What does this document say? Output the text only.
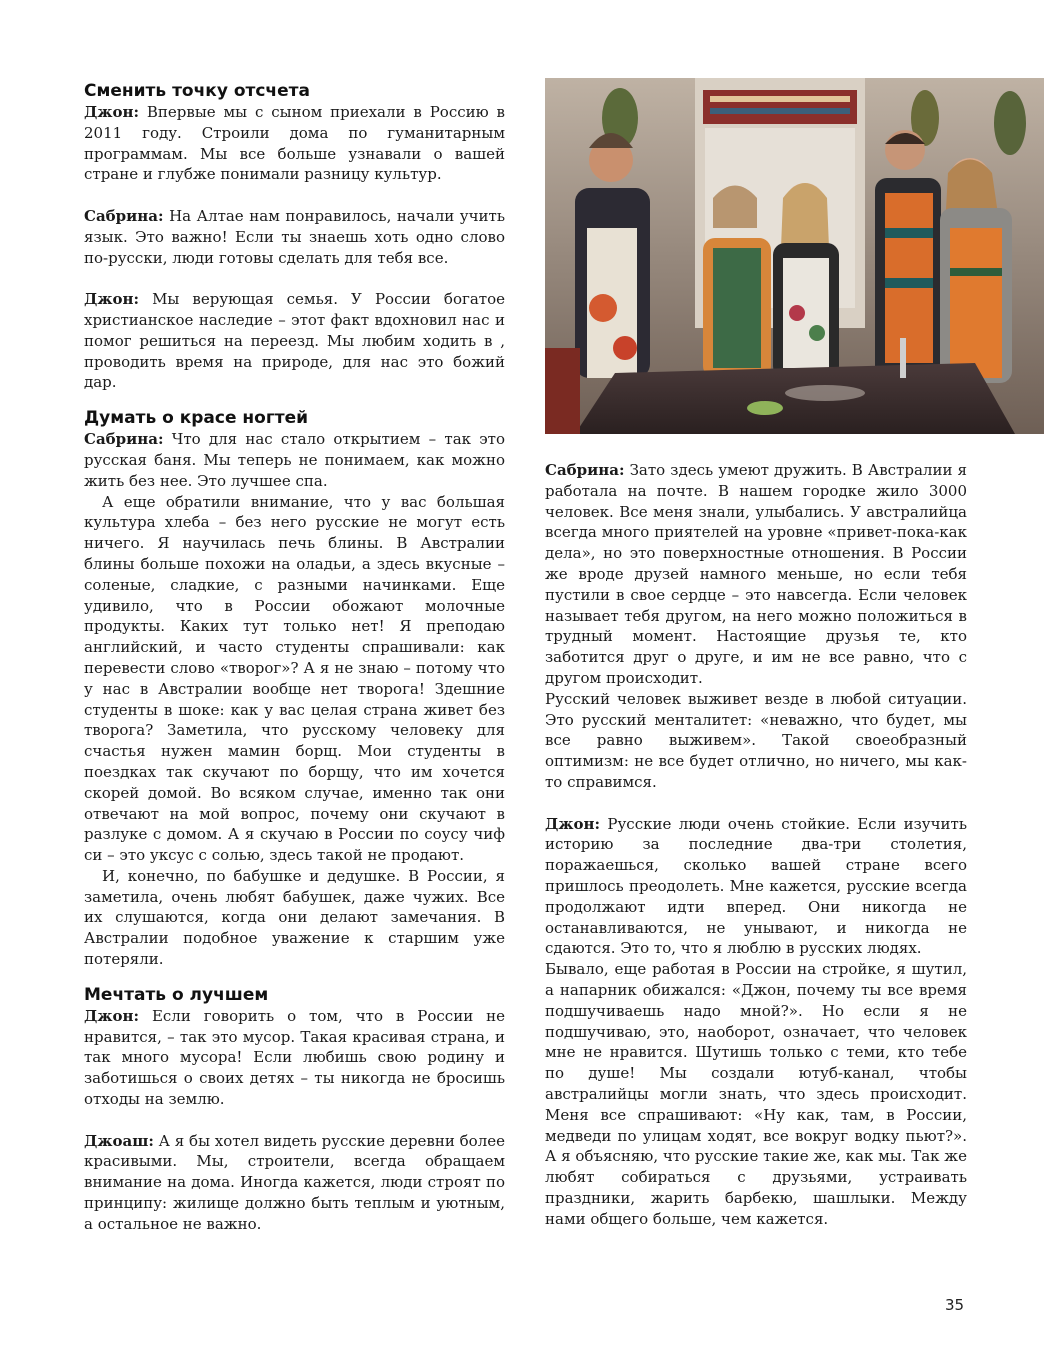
Сменить точку отсчета

Джон: Впервые мы с сыном приехали в Россию в 2011 году. Строили дома по гуманитарным программам. Мы все больше узнавали о вашей стране и глубже понимали разницу культур.

Сабрина: На Алтае нам понравилось, начали учить язык. Это важно! Если ты знаешь хоть одно слово по-русски, люди готовы сделать для тебя все.

Джон: Мы верующая семья. У России богатое христианское наследие – этот факт вдохновил нас и помог решиться на переезд. Мы любим ходить в , проводить время на природе, для нас это божий дар.

Думать о красе ногтей

Сабрина: Что для нас стало открытием – так это русская баня. Мы теперь не понимаем, как можно жить без нее. Это лучшее спа.

А еще обратили внимание, что у вас большая культура хлеба – без него русские не могут есть ничего. Я научилась печь блины. В Австралии блины больше похожи на оладьи, а здесь вкусные – соленые, сладкие, с разными начинками. Еще удивило, что в России обожают молочные продукты. Каких тут только нет! Я преподаю английский, и часто студенты спрашивали: как перевести слово «творог»? А я не знаю – потому что у нас в Австралии вообще нет творога! Здешние студенты в шоке: как у вас целая страна живет без творога? Заметила, что русскому человеку для счастья нужен мамин борщ. Мои студенты в поездках так скучают по борщу, что им хочется скорей домой. Во всяком случае, именно так они отвечают на мой вопрос, почему они скучают в разлуке с домом. А я скучаю в России по соусу чиф си – это уксус с солью, здесь такой не продают.

И, конечно, по бабушке и дедушке. В России, я заметила, очень любят бабушек, даже чужих. Все их слушаются, когда они делают замечания. В Австралии подобное уважение к старшим уже потеряли.

Мечтать о лучшем

Джон: Если говорить о том, что в России не нравится, – так это мусор. Такая красивая страна, и так много мусора! Если любишь свою родину и заботишься о своих детях – ты никогда не бросишь отходы на землю.

Джоаш: А я бы хотел видеть русские деревни более красивыми. Мы, строители, всегда обращаем внимание на дома. Иногда кажется, люди строят по принципу: жилище должно быть теплым и уютным, а остальное не важно.

Сабрина: Зато здесь умеют дружить. В Австралии я работала на почте. В нашем городке жило 3000 человек. Все меня знали, улыбались. У австралийца всегда много приятелей на уровне «привет-пока-как дела», но это поверхностные отношения. В России же вроде друзей намного меньше, но если тебя пустили в свое сердце – это навсегда. Если человек называет тебя другом, на него можно положиться в трудный момент. Настоящие друзья те, кто заботится друг о друге, и им не все равно, что с другом происходит.

Русский человек выживет везде в любой ситуации. Это русский менталитет: «неважно, что будет, мы все равно выживем». Такой своеобразный оптимизм: не все будет отлично, но ничего, мы как-то справимся.

Джон: Русские люди очень стойкие. Если изучить историю за последние два-три столетия, поражаешься, сколько вашей стране всего пришлось преодолеть. Мне кажется, русские всегда продолжают идти вперед. Они никогда не останавливаются, не унывают, и никогда не сдаются. Это то, что я люблю в русских людях.

Бывало, еще работая в России на стройке, я шутил, а напарник обижался: «Джон, почему ты все время подшучиваешь надо мной?». Но если я не подшучиваю, это, наоборот, означает, что человек мне не нравится. Шутишь только с теми, кто тебе по душе! Мы создали ютуб-канал, чтобы австралийцы могли знать, что здесь происходит. Меня все спрашивают: «Ну как, там, в России, медведи по улицам ходят, все вокруг водку пьют?». А я объясняю, что русские такие же, как мы. Так же любят собираться с друзьями, устраивать праздники, жарить барбекю, шашлыки. Между нами общего больше, чем кажется.

35
